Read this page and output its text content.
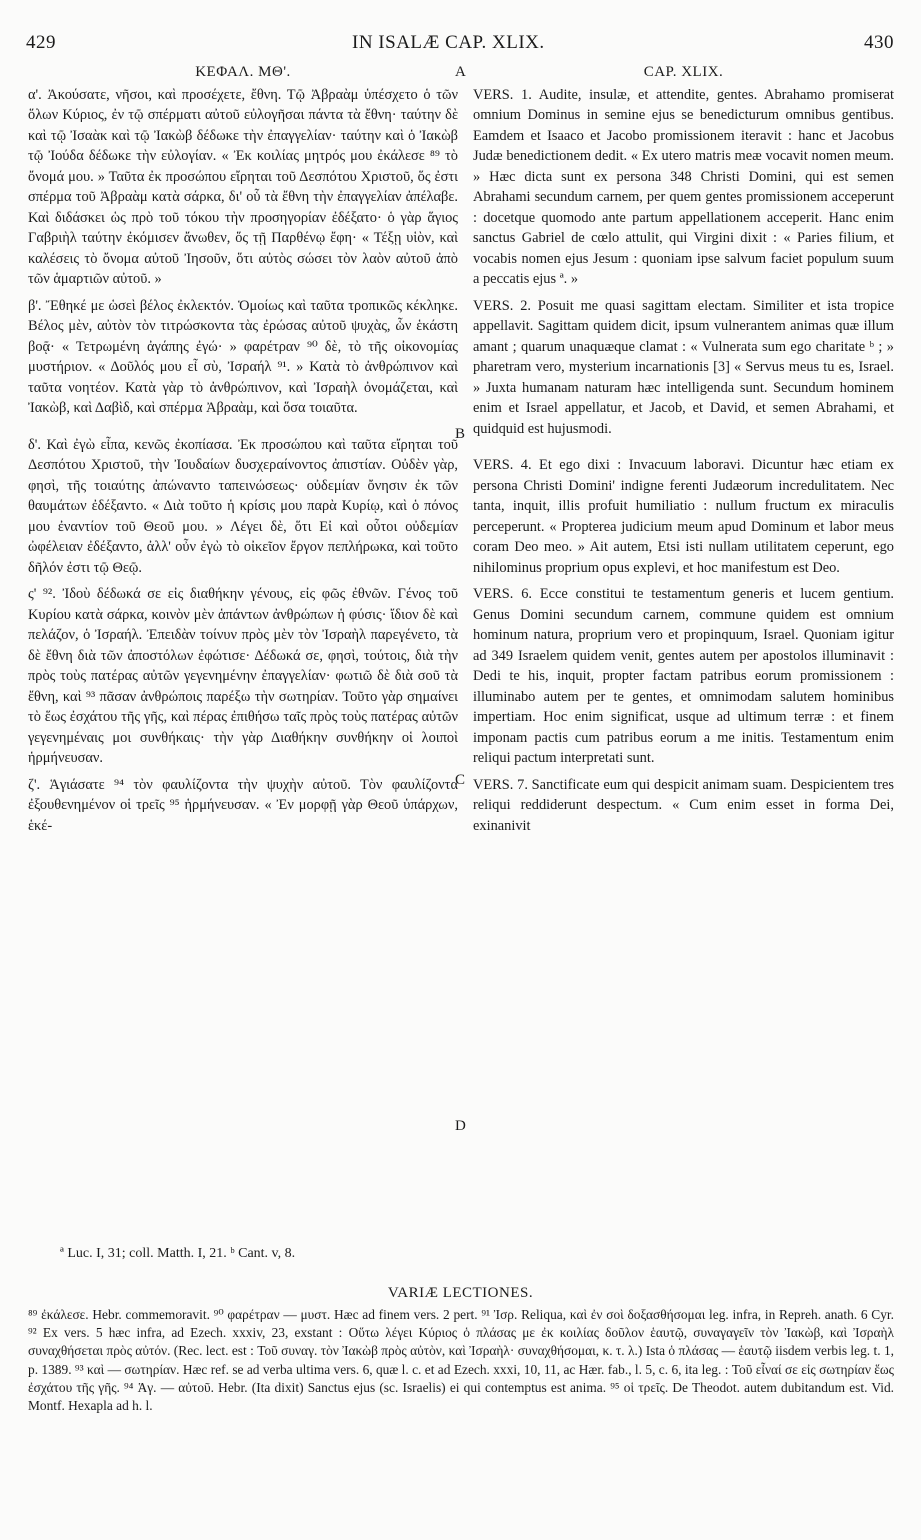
429	IN ISALÆ CAP. XLIX.	430

ΚΕΦΑΛ. ΜΘ'.

α'. Ἀκούσατε, νῆσοι, καὶ προσέχετε, ἔθνη. Τῷ Ἀβραὰμ ὑπέσχετο ὁ τῶν ὅλων Κύριος, ἐν τῷ σπέρματι αὐτοῦ εὐλογῆσαι πάντα τὰ ἔθνη· ταύτην δὲ καὶ τῷ Ἰσαὰκ καὶ τῷ Ἰακὼβ δέδωκε τὴν ἐπαγγελίαν· ταύτην καὶ ὁ Ἰακὼβ τῷ Ἰούδα δέδωκε τὴν εὐλογίαν. « Ἐκ κοιλίας μητρός μου ἐκάλεσε ⁸⁹ τὸ ὄνομά μου. » Ταῦτα ἐκ προσώπου εἴρηται τοῦ Δεσπότου Χριστοῦ, ὅς ἐστι σπέρμα τοῦ Ἀβραὰμ κατὰ σάρκα, δι' οὗ τὰ ἔθνη τὴν ἐπαγγελίαν ἀπέλαβε. Καὶ διδάσκει ὡς πρὸ τοῦ τόκου τὴν προσηγορίαν ἐδέξατο· ὁ γὰρ ἅγιος Γαβριὴλ ταύτην ἐκόμισεν ἄνωθεν, ὅς τῇ Παρθένῳ ἔφη· « Τέξῃ υἱὸν, καὶ καλέσεις τὸ ὄνομα αὐτοῦ Ἰησοῦν, ὅτι αὐτὸς σώσει τὸν λαὸν αὐτοῦ ἀπὸ τῶν ἁμαρτιῶν αὐτοῦ. »

β'. Ἔθηκέ με ὡσεὶ βέλος ἐκλεκτόν. Ὁμοίως καὶ ταῦτα τροπικῶς κέκληκε. Βέλος μὲν, αὐτὸν τὸν τιτρώσκοντα τὰς ἐρώσας αὐτοῦ ψυχὰς, ὧν ἑκάστη βοᾷ· « Τετρωμένη ἀγάπης ἐγώ· » φαρέτραν ⁹⁰ δὲ, τὸ τῆς οἰκονομίας μυστήριον. « Δοῦλός μου εἶ σὺ, Ἰσραήλ ⁹¹. » Κατὰ τὸ ἀνθρώπινον καὶ ταῦτα νοητέον. Κατὰ γὰρ τὸ ἀνθρώπινον, καὶ Ἰσραὴλ ὀνομάζεται, καὶ Ἰακὼβ, καὶ Δαβὶδ, καὶ σπέρμα Ἀβραὰμ, καὶ ὅσα τοιαῦτα.

δ'. Καὶ ἐγὼ εἶπα, κενῶς ἐκοπίασα. Ἐκ προσώπου καὶ ταῦτα εἴρηται τοῦ Δεσπότου Χριστοῦ, τὴν Ἰουδαίων δυσχεραίνοντος ἀπιστίαν. Οὐδὲν γὰρ, φησὶ, τῆς τοιαύτης ἀπώναντο ταπεινώσεως· οὐδεμίαν ὄνησιν ἐκ τῶν θαυμάτων ἐδέξαντο. « Διὰ τοῦτο ἡ κρίσις μου παρὰ Κυρίῳ, καὶ ὁ πόνος μου ἐναντίον τοῦ Θεοῦ μου. » Λέγει δὲ, ὅτι Εἰ καὶ οὗτοι οὐδεμίαν ὠφέλειαν ἐδέξαντο, ἀλλ' οὖν ἐγὼ τὸ οἰκεῖον ἔργον πεπλήρωκα, καὶ τοῦτο δῆλόν ἐστι τῷ Θεῷ.

ς' ⁹². Ἰδοὺ δέδωκά σε εἰς διαθήκην γένους, εἰς φῶς ἐθνῶν. Γένος τοῦ Κυρίου κατὰ σάρκα, κοινὸν μὲν ἁπάντων ἀνθρώπων ἡ φύσις· ἴδιον δὲ καὶ πελάζον, ὁ Ἰσραήλ. Ἐπειδὰν τοίνυν πρὸς μὲν τὸν Ἰσραὴλ παρεγένετο, τὰ δὲ ἔθνη διὰ τῶν ἀποστόλων ἐφώτισε· Δέδωκά σε, φησὶ, τούτοις, διὰ τὴν πρὸς τοὺς πατέρας αὐτῶν γεγενημένην ἐπαγγελίαν· φωτιῶ δὲ διὰ σοῦ τὰ ἔθνη, καὶ ⁹³ πᾶσαν ἀνθρώποις παρέξω τὴν σωτηρίαν. Τοῦτο γὰρ σημαίνει τὸ ἕως ἐσχάτου τῆς γῆς, καὶ πέρας ἐπιθήσω ταῖς πρὸς τοὺς πατέρας αὐτῶν γεγενημέναις μοι συνθήκαις· τὴν γὰρ Διαθήκην συνθήκην οἱ λοιποὶ ἡρμήνευσαν.

ζ'. Ἁγιάσατε ⁹⁴ τὸν φαυλίζοντα τὴν ψυχὴν αὐτοῦ. Τὸν φαυλίζοντα ἐξουθενημένον οἱ τρεῖς ⁹⁵ ἡρμήνευσαν. « Ἐν μορφῇ γὰρ Θεοῦ ὑπάρχων, ἑκέ-

CAP. XLIX.

VERS. 1. Audite, insulæ, et attendite, gentes. Abrahamo promiserat omnium Dominus in semine ejus se benedicturum omnibus gentibus. Eamdem et Isaaco et Jacobo promissionem iteravit : hanc et Jacobus Judæ benedictionem dedit. « Ex utero matris meæ vocavit nomen meum. » Hæc dicta sunt ex persona 348 Christi Domini, qui est semen Abrahami secundum carnem, per quem gentes promissionem acceperunt : docetque quomodo ante partum appellationem acceperit. Hanc enim sanctus Gabriel de cœlo attulit, qui Virgini dixit : « Paries filium, et vocabis nomen ejus Jesum : quoniam ipse salvum faciet populum suum a peccatis ejus ª. »

VERS. 2. Posuit me quasi sagittam electam. Similiter et ista tropice appellavit. Sagittam quidem dicit, ipsum vulnerantem animas quæ illum amant ; quarum unaquæque clamat : « Vulnerata sum ego charitate ᵇ ; » pharetram vero, mysterium incarnationis [3] « Servus meus tu es, Israel. » Juxta humanam naturam hæc intelligenda sunt. Secundum hominem enim et Israel appellatur, et Jacob, et David, et semen Abrahami, et quidquid est hujusmodi.

VERS. 4. Et ego dixi : Invacuum laboravi. Dicuntur hæc etiam ex persona Christi Domini' indigne ferenti Judæorum incredulitatem. Nec tanta, inquit, illis profuit humiliatio : nullum fructum ex miraculis perceperunt. « Propterea judicium meum apud Dominum et labor meus coram Deo meo. » Ait autem, Etsi isti nullam utilitatem ceperunt, ego nihilominus proprium opus explevi, et hoc manifestum est Deo.

VERS. 6. Ecce constitui te testamentum generis et lucem gentium. Genus Domini secundum carnem, commune quidem est omnium hominum natura, proprium vero et propinquum, Israel. Quoniam igitur ad 349 Israelem quidem venit, gentes autem per apostolos illuminavit : Dedi te his, inquit, propter factam patribus eorum promissionem : illuminabo autem per te gentes, et omnimodam salutem hominibus impertiam. Hoc enim significat, usque ad ultimum terræ : et finem imponam pactis cum patribus eorum a me initis. Testamentum enim reliqui pactum interpretati sunt.

VERS. 7. Sanctificate eum qui despicit animam suam. Despicientem tres reliqui reddiderunt despectum. « Cum enim esset in forma Dei, exinanivit

A
B
C
D
ª Luc. I, 31; coll. Matth. I, 21. ᵇ Cant. v, 8.
VARIÆ LECTIONES.
⁸⁹ ἐκάλεσε. Hebr. commemoravit. ⁹⁰ φαρέτραν — μυστ. Hæc ad finem vers. 2 pert. ⁹¹ Ἰσρ. Reliqua, καὶ ἐν σοὶ δοξασθήσομαι leg. infra, in Repreh. anath. 6 Cyr. ⁹² Ex vers. 5 hæc infra, ad Ezech. xxxiv, 23, exstant : Οὕτω λέγει Κύριος ὁ πλάσας με ἐκ κοιλίας δοῦλον ἑαυτῷ, συναγαγεῖν τὸν Ἰακὼβ, καὶ Ἰσραὴλ συναχθήσεται πρὸς αὐτόν. (Rec. lect. est : Τοῦ συναγ. τὸν Ἰακὼβ πρὸς αὐτὸν, καὶ Ἰσραὴλ· συναχθήσομαι, κ. τ. λ.) Ista ὁ πλάσας — ἑαυτῷ iisdem verbis leg. t. 1, p. 1389. ⁹³ καὶ — σωτηρίαν. Hæc ref. se ad verba ultima vers. 6, quæ l. c. et ad Ezech. xxxi, 10, 11, ac Hær. fab., l. 5, c. 6, ita leg. : Τοῦ εἶναί σε εἰς σωτηρίαν ἕως ἐσχάτου τῆς γῆς. ⁹⁴ Ἁγ. — αὐτοῦ. Hebr. (Ita dixit) Sanctus ejus (sc. Israelis) ei qui contemptus est anima. ⁹⁵ οἱ τρεῖς. De Theodot. autem dubitandum est. Vid. Montf. Hexapla ad h. l.
